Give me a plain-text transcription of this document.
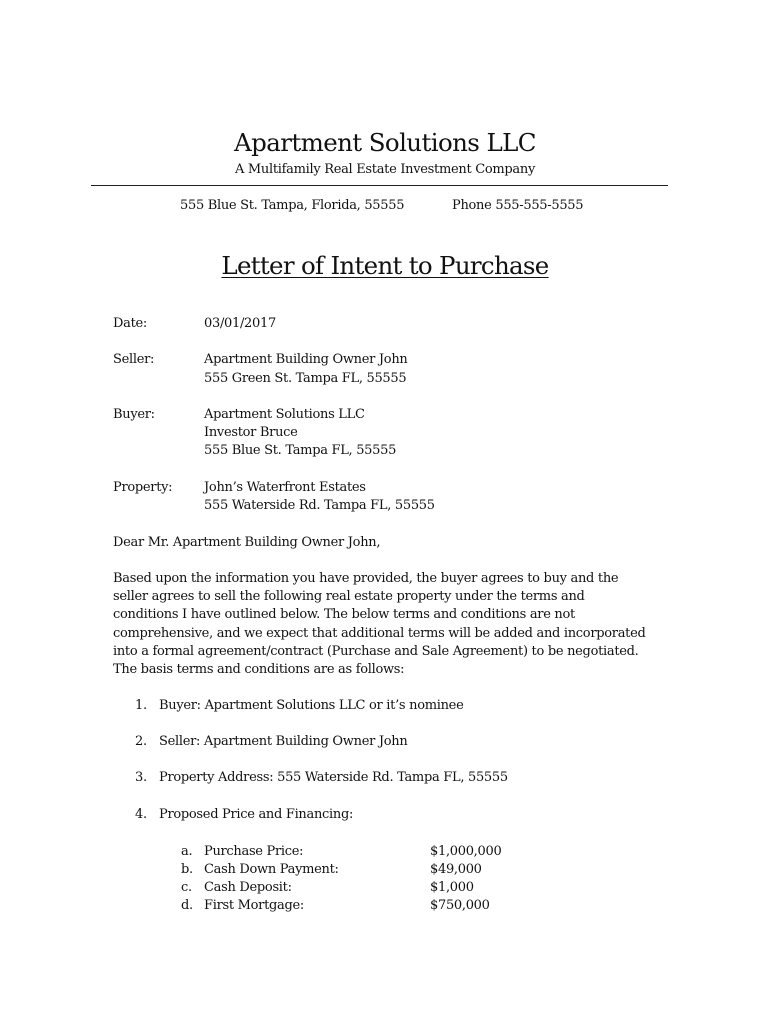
Apartment Solutions LLC
A Multifamily Real Estate Investment Company
555 Blue St. Tampa, Florida, 55555	Phone 555-555-5555
Letter of Intent to Purchase
Date:	03/01/2017
Seller:	Apartment Building Owner John
555 Green St. Tampa FL, 55555
Buyer:	Apartment Solutions LLC
Investor Bruce
555 Blue St. Tampa FL, 55555
Property: John’s Waterfront Estates
555 Waterside Rd. Tampa FL, 55555
Dear Mr. Apartment Building Owner John,
Based upon the information you have provided, the buyer agrees to buy and the
seller agrees to sell the following real estate property under the terms and
conditions I have outlined below. The below terms and conditions are not
comprehensive, and we expect that additional terms will be added and incorporated
into a formal agreement/contract (Purchase and Sale Agreement) to be negotiated.
The basis terms and conditions are as follows:
1. Buyer: Apartment Solutions LLC or it’s nominee
2. Seller: Apartment Building Owner John
3. Property Address: 555 Waterside Rd. Tampa FL, 55555
4. Proposed Price and Financing:
a. Purchase Price:	$1,000,000
b. Cash Down Payment:	$49,000
c. Cash Deposit:	$1,000
d. First Mortgage:	$750,000
